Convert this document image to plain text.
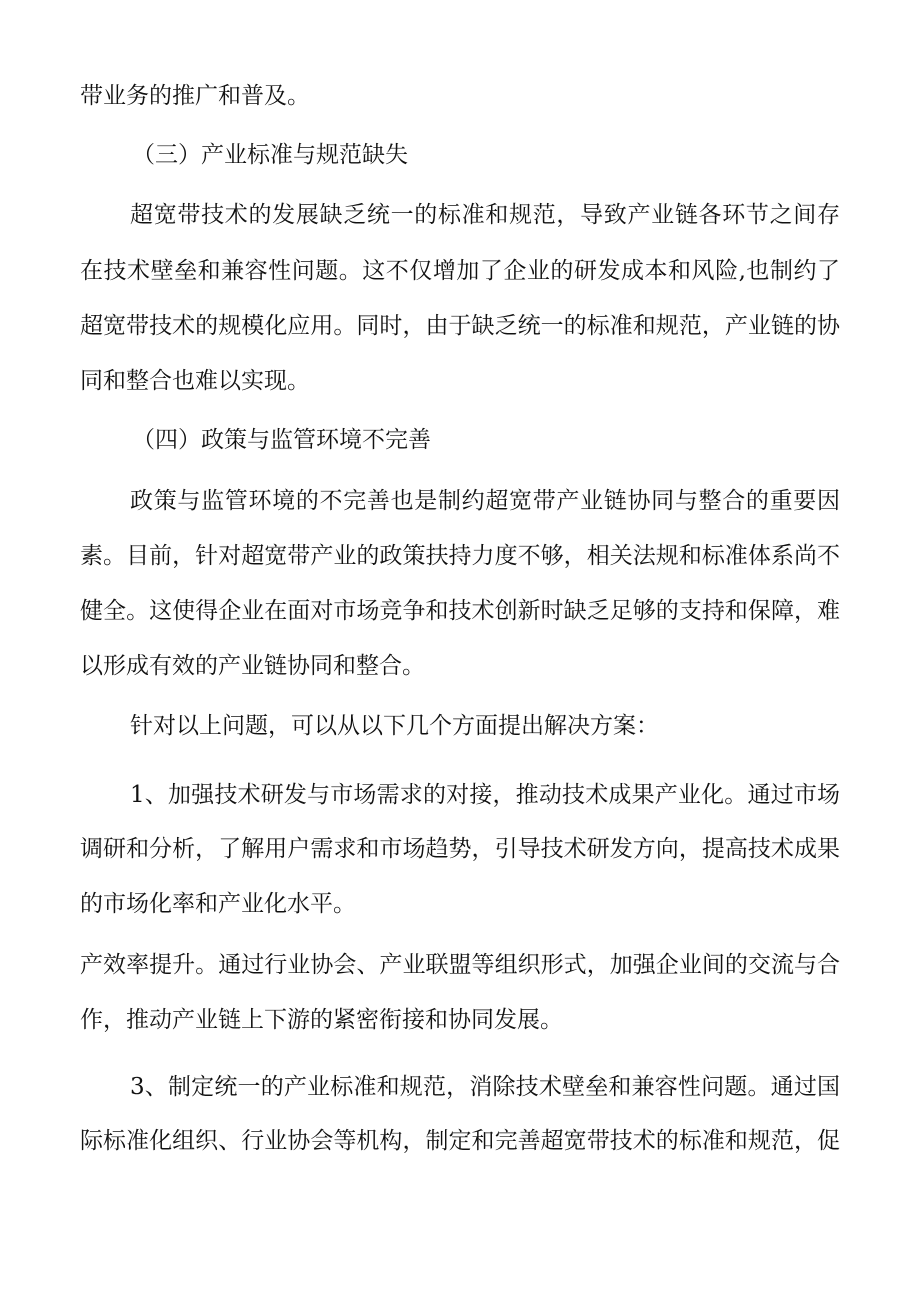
带业务的推广和普及。
（三）产业标准与规范缺失
超宽带技术的发展缺乏统一的标准和规范，导致产业链各环节之间存
在技术壁垒和兼容性问题。这不仅增加了企业的研发成本和风险,也制约了
超宽带技术的规模化应用。同时，由于缺乏统一的标准和规范，产业链的协
同和整合也难以实现。
（四）政策与监管环境不完善
政策与监管环境的不完善也是制约超宽带产业链协同与整合的重要因
素。目前，针对超宽带产业的政策扶持力度不够，相关法规和标准体系尚不
健全。这使得企业在面对市场竞争和技术创新时缺乏足够的支持和保障，难
以形成有效的产业链协同和整合。
针对以上问题，可以从以下几个方面提出解决方案：
1、加强技术研发与市场需求的对接，推动技术成果产业化。通过市场
调研和分析，了解用户需求和市场趋势，引导技术研发方向，提高技术成果
的市场化率和产业化水平。
产效率提升。通过行业协会、产业联盟等组织形式，加强企业间的交流与合
作，推动产业链上下游的紧密衔接和协同发展。
3、制定统一的产业标准和规范，消除技术壁垒和兼容性问题。通过国
际标准化组织、行业协会等机构，制定和完善超宽带技术的标准和规范，促
